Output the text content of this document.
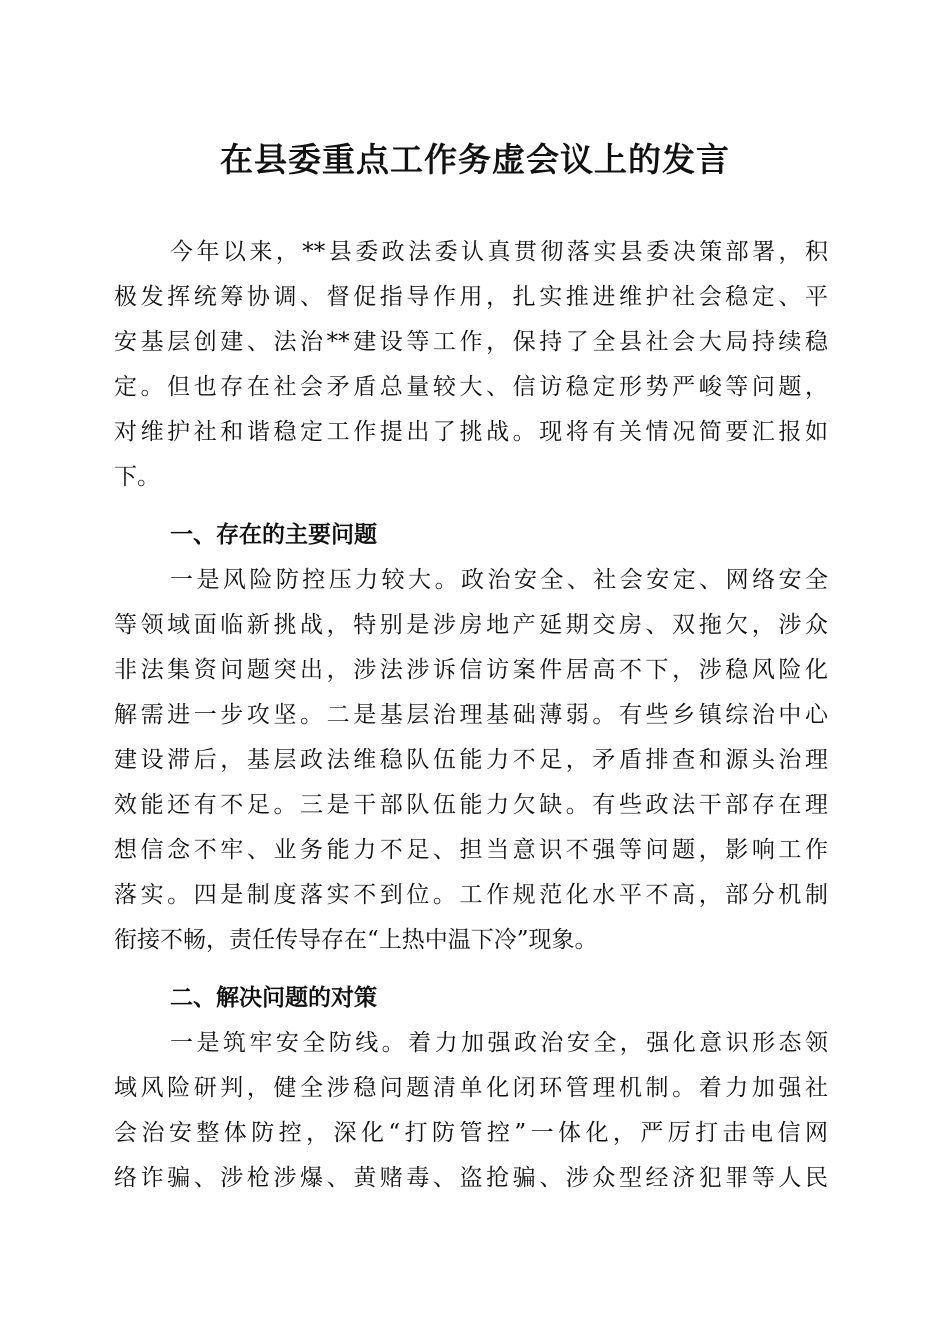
在县委重点工作务虚会议上的发言
今年以来，**县委政法委认真贯彻落实县委决策部署，积
极发挥统筹协调、督促指导作用，扎实推进维护社会稳定、平
安基层创建、法治**建设等工作，保持了全县社会大局持续稳
定。但也存在社会矛盾总量较大、信访稳定形势严峻等问题，
对维护社和谐稳定工作提出了挑战。现将有关情况简要汇报如
下。
一、存在的主要问题
一是风险防控压力较大。政治安全、社会安定、网络安全
等领域面临新挑战，特别是涉房地产延期交房、双拖欠，涉众
非法集资问题突出，涉法涉诉信访案件居高不下，涉稳风险化
解需进一步攻坚。二是基层治理基础薄弱。有些乡镇综治中心
建设滞后，基层政法维稳队伍能力不足，矛盾排查和源头治理
效能还有不足。三是干部队伍能力欠缺。有些政法干部存在理
想信念不牢、业务能力不足、担当意识不强等问题，影响工作
落实。四是制度落实不到位。工作规范化水平不高，部分机制
衔接不畅，责任传导存在“上热中温下冷”现象。
二、解决问题的对策
一是筑牢安全防线。着力加强政治安全，强化意识形态领
域风险研判，健全涉稳问题清单化闭环管理机制。着力加强社
会治安整体防控，深化“打防管控”一体化，严厉打击电信网
络诈骗、涉枪涉爆、黄赌毒、盗抢骗、涉众型经济犯罪等人民
